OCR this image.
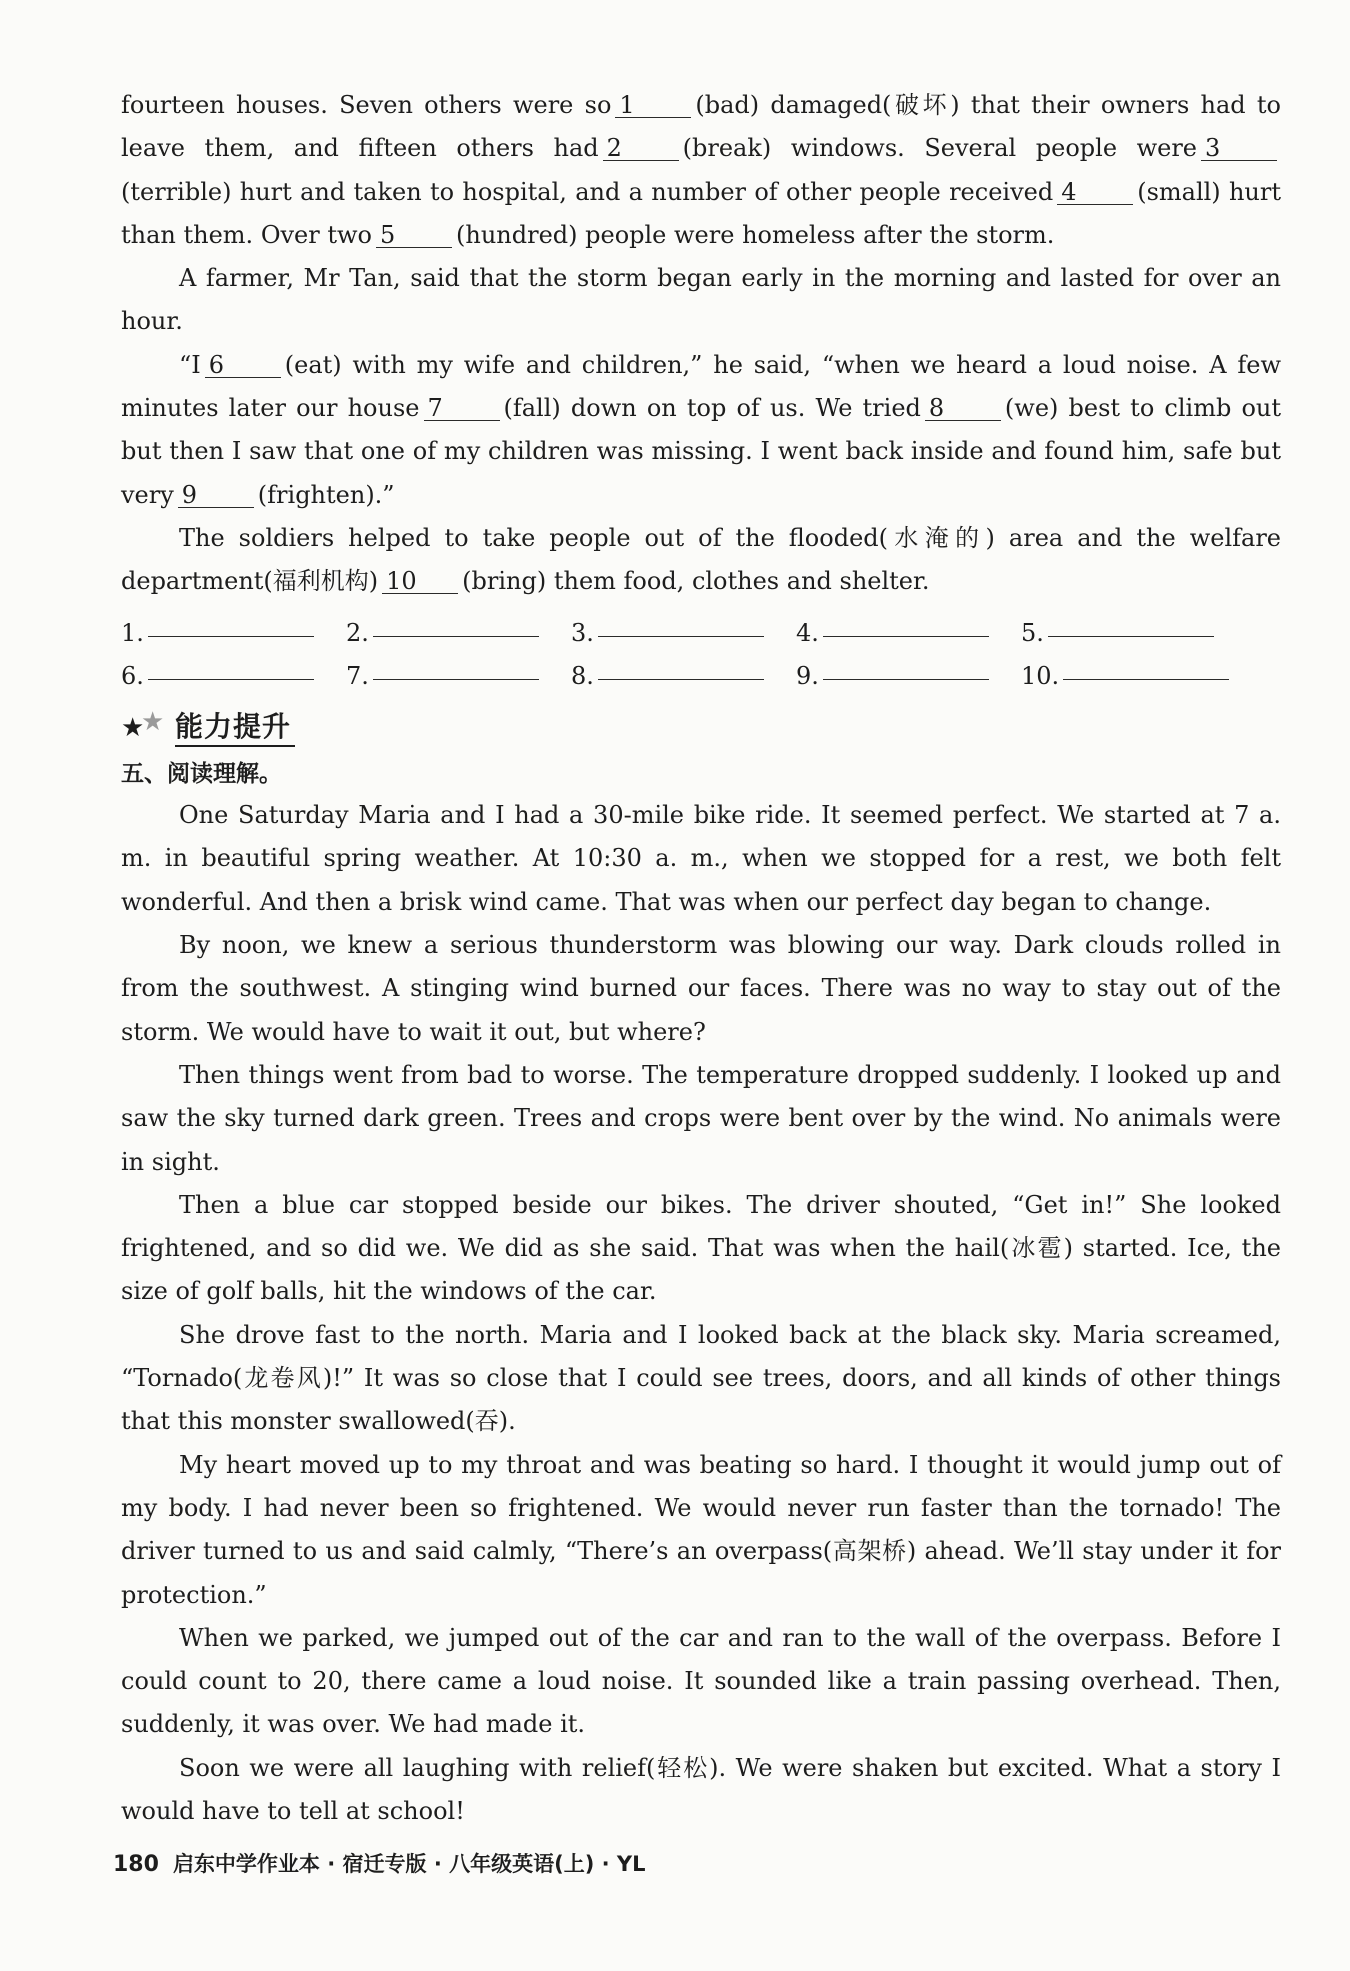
fourteen houses. Seven others were so 1	(bad) damaged(破坏) that their owners had to leave them, and fifteen others had 2	(break) windows. Several people were 3(terrible) hurt and taken to hospital, and a number of other people received 4	(small) hurt than them. Over two 5	(hundred) people were homeless after the storm.

A farmer, Mr Tan, said that the storm began early in the morning and lasted for over an hour.

“I 6	(eat) with my wife and children,” he said, “when we heard a loud noise. A few minutes later our house 7	(fall) down on top of us. We tried 8	(we) best to climb out but then I saw that one of my children was missing. I went back inside and found him, safe but very 9	(frighten).”

The soldiers helped to take people out of the flooded(水淹的) area and the welfare department(福利机构) 10 (bring) them food, clothes and shelter.

1.	2.	3.	4.	5.
6.	7.	8.	9.	10.
★
★ 能力提升
五、阅读理解。

One Saturday Maria and I had a 30-mile bike ride. It seemed perfect. We started at 7 a. m. in beautiful spring weather. At 10:30 a. m., when we stopped for a rest, we both felt wonderful. And then a brisk wind came. That was when our perfect day began to change.

By noon, we knew a serious thunderstorm was blowing our way. Dark clouds rolled in from the southwest. A stinging wind burned our faces. There was no way to stay out of the storm. We would have to wait it out, but where?

Then things went from bad to worse. The temperature dropped suddenly. I looked up and saw the sky turned dark green. Trees and crops were bent over by the wind. No animals were in sight.

Then a blue car stopped beside our bikes. The driver shouted, “Get in!” She looked frightened, and so did we. We did as she said. That was when the hail(冰雹) started. Ice, the size of golf balls, hit the windows of the car.

She drove fast to the north. Maria and I looked back at the black sky. Maria screamed, “Tornado(龙卷风)!” It was so close that I could see trees, doors, and all kinds of other things that this monster swallowed(吞).

My heart moved up to my throat and was beating so hard. I thought it would jump out of my body. I had never been so frightened. We would never run faster than the tornado! The driver turned to us and said calmly, “There’s an overpass(高架桥) ahead. We’ll stay under it for protection.”

When we parked, we jumped out of the car and ran to the wall of the overpass. Before I could count to 20, there came a loud noise. It sounded like a train passing overhead. Then, suddenly, it was over. We had made it.

Soon we were all laughing with relief(轻松). We were shaken but excited. What a story I would have to tell at school!

180 启东中学作业本 · 宿迁专版 · 八年级英语(上) · YL
